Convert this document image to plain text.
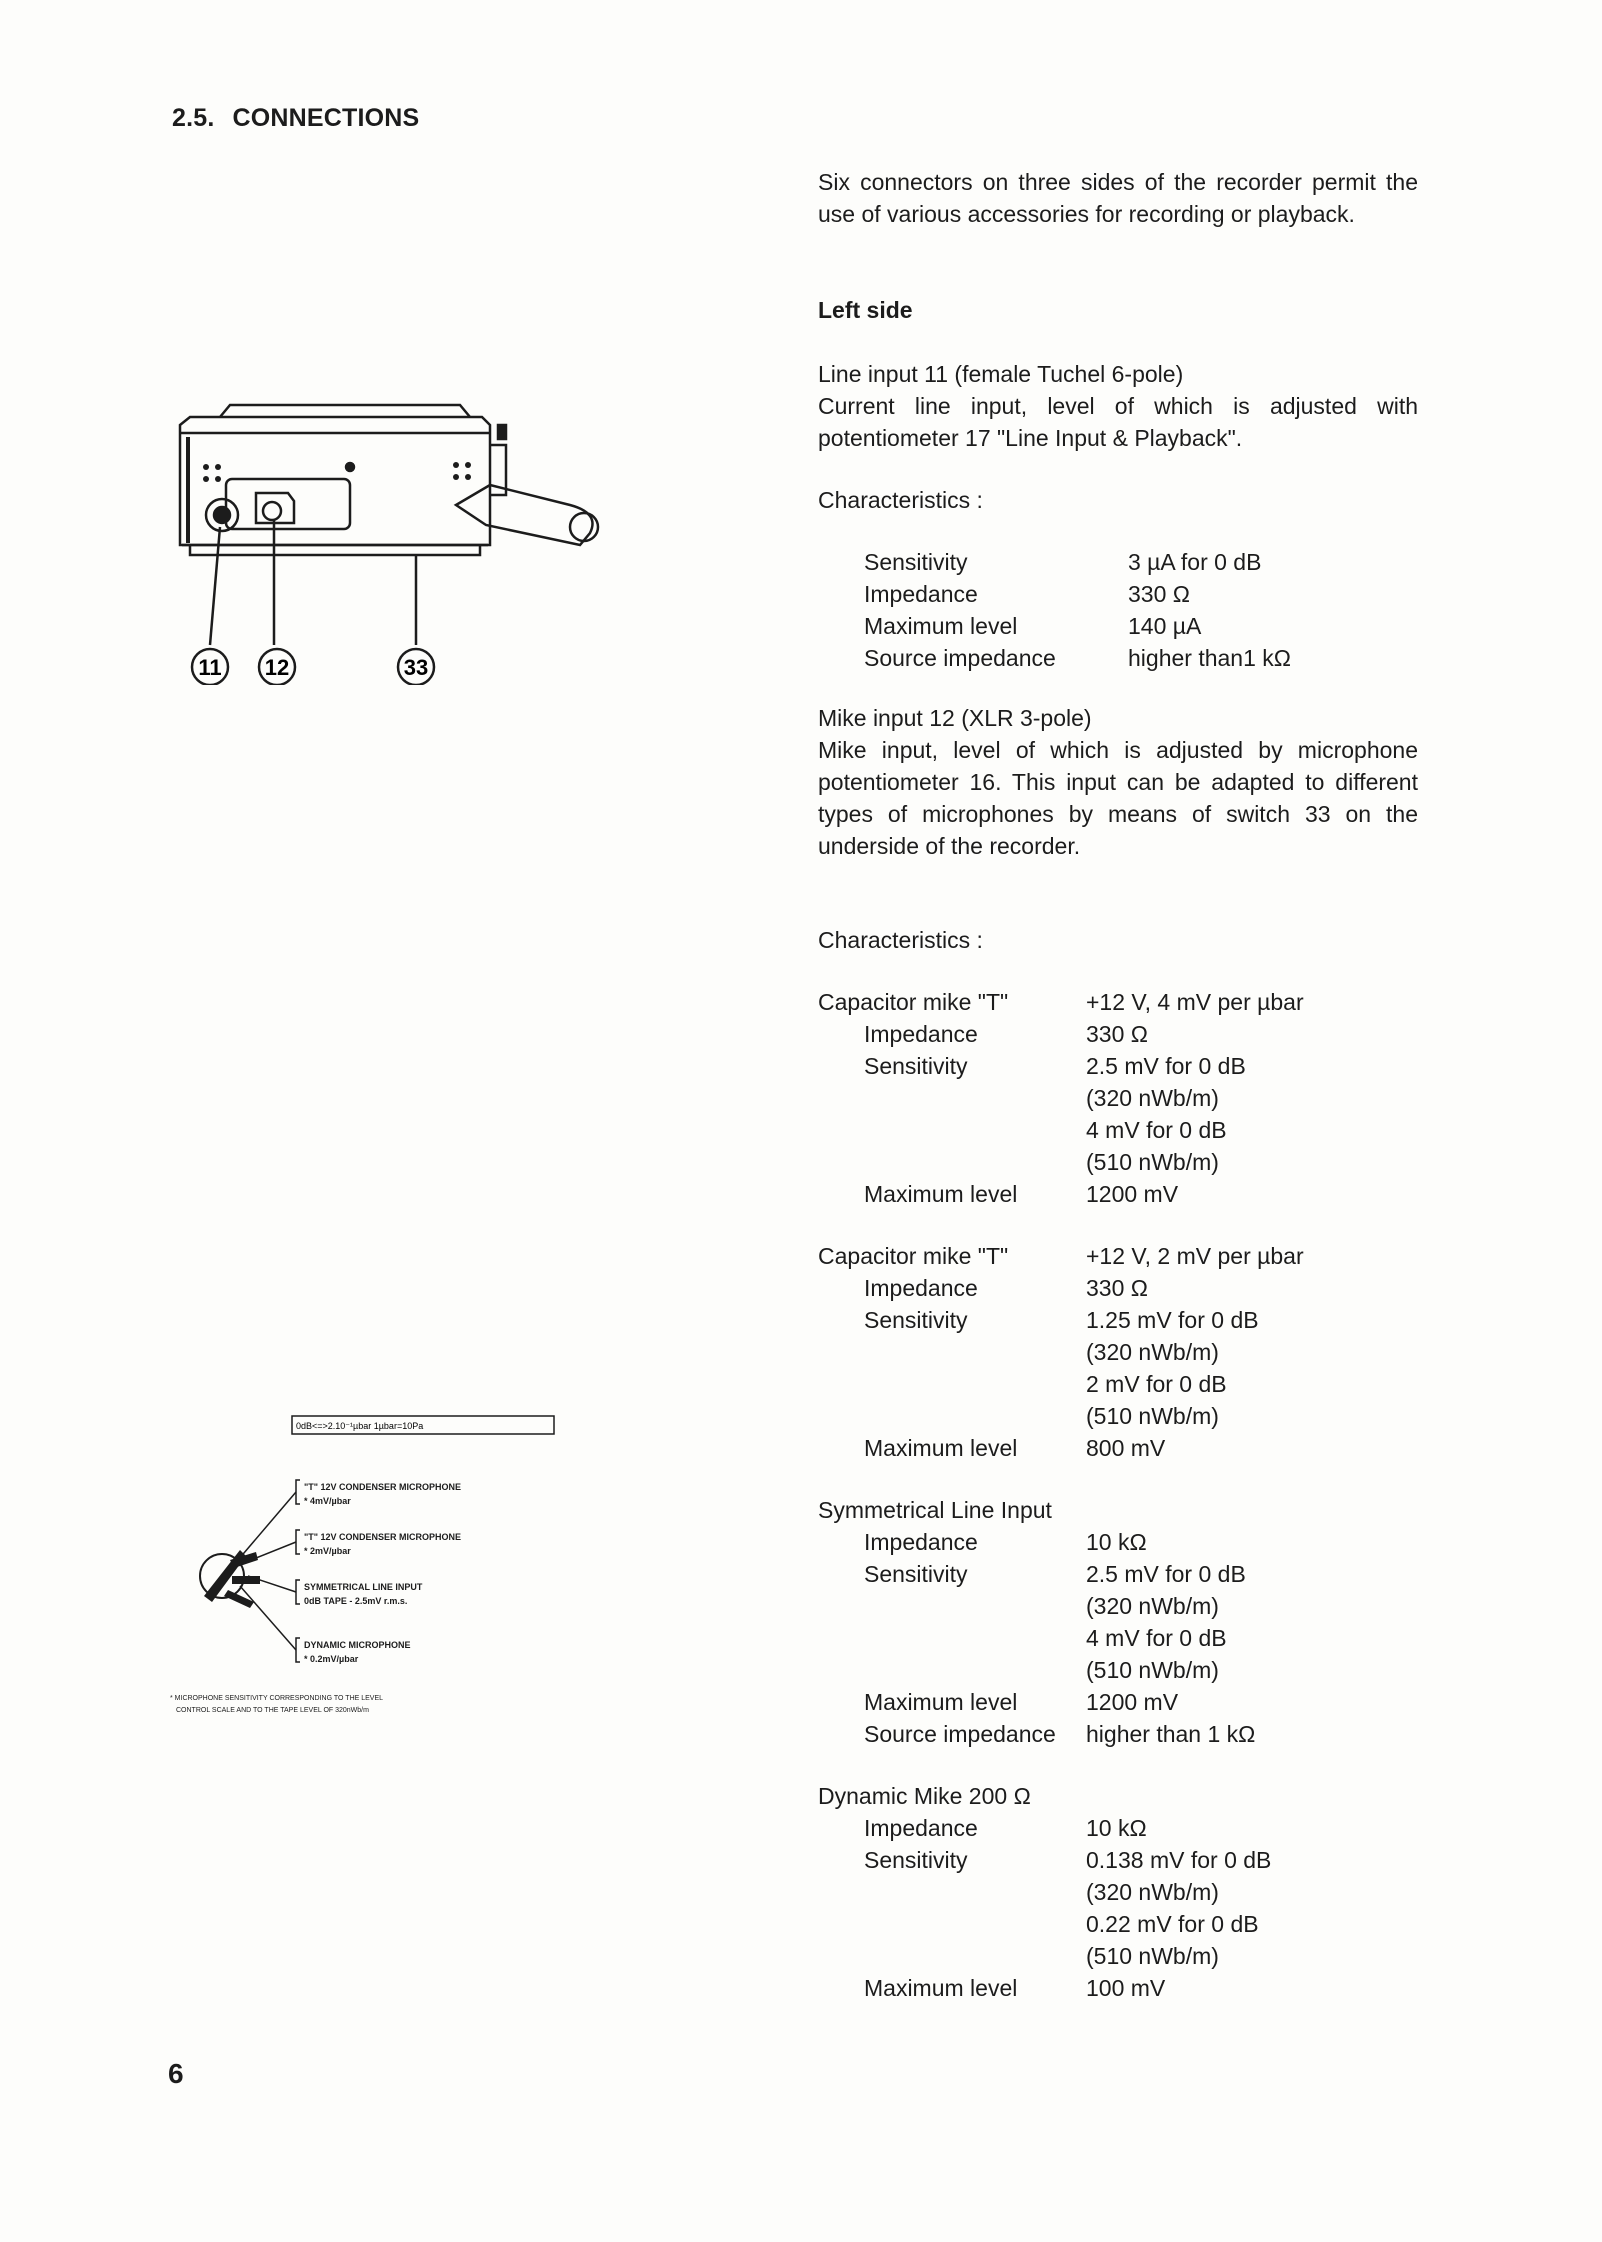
2.5. CONNECTIONS
11 12	33
0dB<=>2.10⁻¹µbar 1µbar=10Pa
"T" 12V CONDENSER MICROPHONE
* 4mV/µbar
"T" 12V CONDENSER MICROPHONE
* 2mV/µbar
SYMMETRICAL LINE INPUT
0dB TAPE - 2.5mV r.m.s.
DYNAMIC MICROPHONE
* 0.2mV/µbar
* MICROPHONE SENSITIVITY CORRESPONDING TO THE LEVEL
CONTROL SCALE AND TO THE TAPE LEVEL OF 320nWb/m

Six connectors on three sides of the recorder permit the use of various accessories for recording or playback.

Left side
Line input 11 (female Tuchel 6-pole)

Current line input, level of which is adjusted with potentiometer 17 "Line Input & Playback".

Characteristics :
Sensitivity	3 µA for 0 dB
Impedance	330 Ω
Maximum level	140 µA
Source impedance	higher than1 kΩ
Mike input 12 (XLR 3-pole)

Mike input, level of which is adjusted by microphone potentiometer 16. This input can be adapted to different types of microphones by means of switch 33 on the underside of the recorder.

Characteristics :
Capacitor mike "T"	+12 V, 4 mV per µbar
Impedance	330 Ω
Sensitivity	2.5 mV for 0 dB
(320 nWb/m)
4 mV for 0 dB
(510 nWb/m)
Maximum level	1200 mV
Capacitor mike "T"	+12 V, 2 mV per µbar
Impedance	330 Ω
Sensitivity	1.25 mV for 0 dB
(320 nWb/m)
2 mV for 0 dB
(510 nWb/m)
Maximum level	800 mV
Symmetrical Line Input
Impedance	10 kΩ
Sensitivity	2.5 mV for 0 dB
(320 nWb/m)
4 mV for 0 dB
(510 nWb/m)
Maximum level	1200 mV
Source impedance	higher than 1 kΩ
Dynamic Mike 200 Ω
Impedance	10 kΩ
Sensitivity	0.138 mV for 0 dB
(320 nWb/m)
0.22 mV for 0 dB
(510 nWb/m)
Maximum level	100 mV
6
